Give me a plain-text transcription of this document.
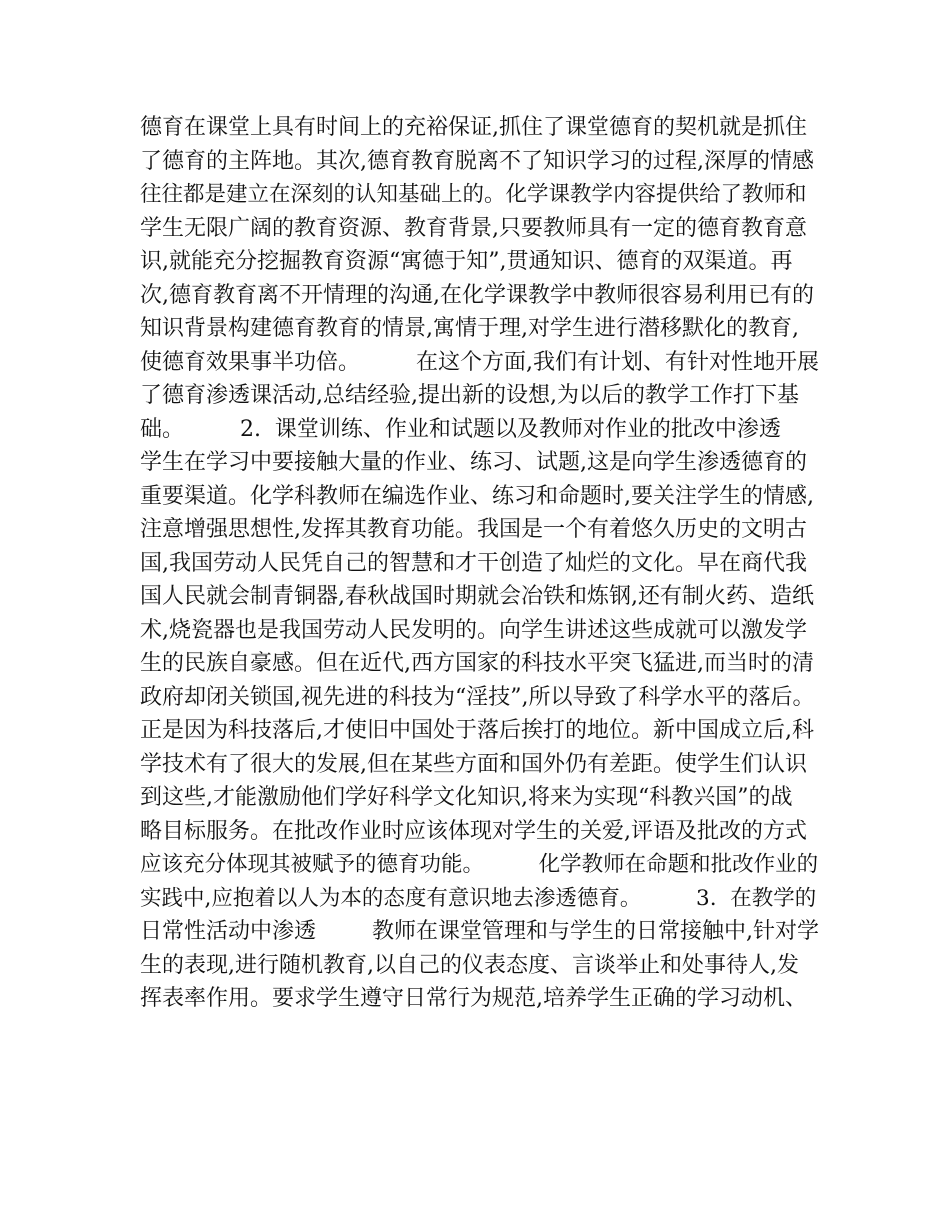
德育在课堂上具有时间上的充裕保证,抓住了课堂德育的契机就是抓住
了德育的主阵地。其次,德育教育脱离不了知识学习的过程,深厚的情感
往往都是建立在深刻的认知基础上的。化学课教学内容提供给了教师和
学生无限广阔的教育资源、教育背景,只要教师具有一定的德育教育意
识,就能充分挖掘教育资源“寓德于知”,贯通知识、德育的双渠道。再
次,德育教育离不开情理的沟通,在化学课教学中教师很容易利用已有的
知识背景构建德育教育的情景,寓情于理,对学生进行潜移默化的教育,
使德育效果事半功倍。        在这个方面,我们有计划、有针对性地开展
了德育渗透课活动,总结经验,提出新的设想,为以后的教学工作打下基
础。        2.  课堂训练、作业和试题以及教师对作业的批改中渗透
学生在学习中要接触大量的作业、练习、试题,这是向学生渗透德育的
重要渠道。化学科教师在编选作业、练习和命题时,要关注学生的情感,
注意增强思想性,发挥其教育功能。我国是一个有着悠久历史的文明古
国,我国劳动人民凭自己的智慧和才干创造了灿烂的文化。早在商代我
国人民就会制青铜器,春秋战国时期就会冶铁和炼钢,还有制火药、造纸
术,烧瓷器也是我国劳动人民发明的。向学生讲述这些成就可以激发学
生的民族自豪感。但在近代,西方国家的科技水平突飞猛进,而当时的清
政府却闭关锁国,视先进的科技为“淫技”,所以导致了科学水平的落后。
正是因为科技落后,才使旧中国处于落后挨打的地位。新中国成立后,科
学技术有了很大的发展,但在某些方面和国外仍有差距。使学生们认识
到这些,才能激励他们学好科学文化知识,将来为实现“科教兴国”的战
略目标服务。在批改作业时应该体现对学生的关爱,评语及批改的方式
应该充分体现其被赋予的德育功能。        化学教师在命题和批改作业的
实践中,应抱着以人为本的态度有意识地去渗透德育。        3.  在教学的
日常性活动中渗透        教师在课堂管理和与学生的日常接触中,针对学
生的表现,进行随机教育,以自己的仪表态度、言谈举止和处事待人,发
挥表率作用。要求学生遵守日常行为规范,培养学生正确的学习动机、
